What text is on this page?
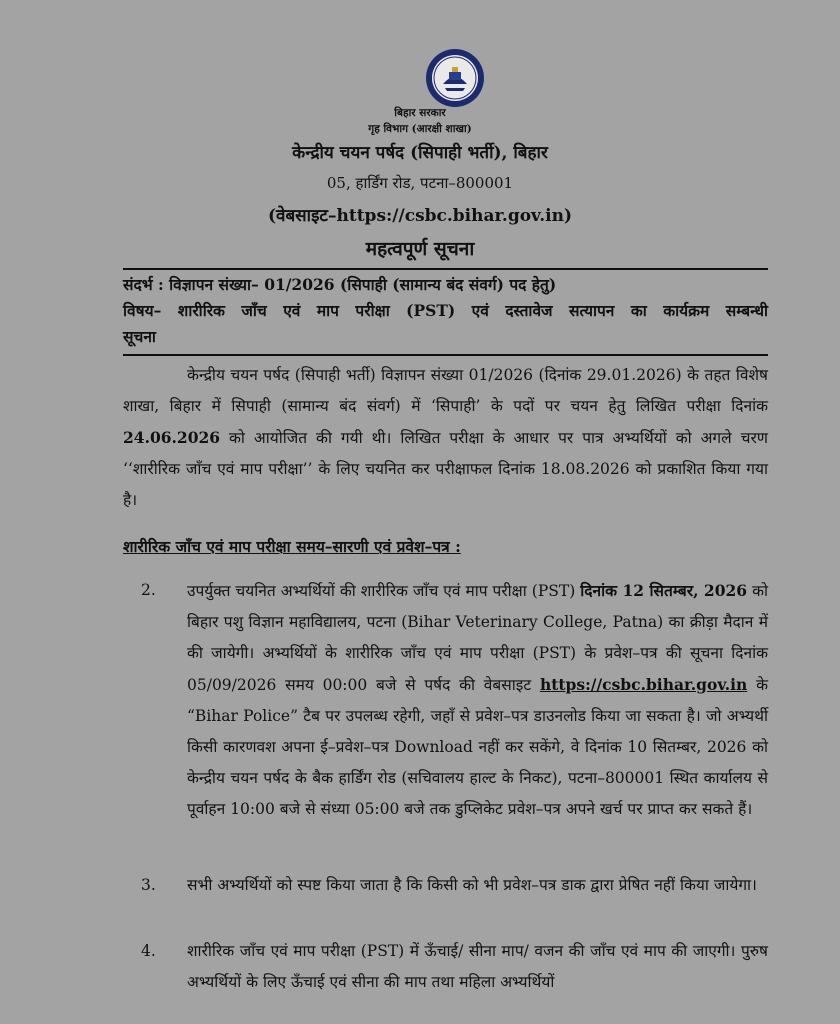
बिहार सरकार
गृह विभाग (आरक्षी शाखा)
केन्द्रीय चयन पर्षद (सिपाही भर्ती), बिहार
05, हार्डिंग रोड, पटना–800001
(वेबसाइट–https://csbc.bihar.gov.in)
महत्वपूर्ण सूचना
संदर्भ : विज्ञापन संख्या– 01/2026 (सिपाही (सामान्य बंद संवर्ग) पद हेतु)
विषय– शारीरिक जाँच एवं माप परीक्षा (PST) एवं दस्तावेज सत्यापन का कार्यक्रम सम्बन्धी
सूचना
केन्द्रीय चयन पर्षद (सिपाही भर्ती) विज्ञापन संख्या 01/2026 (दिनांक 29.01.2026) के तहत विशेष शाखा, बिहार में सिपाही (सामान्य बंद संवर्ग) में ‘सिपाही’ के पदों पर चयन हेतु लिखित परीक्षा दिनांक 24.06.2026 को आयोजित की गयी थी। लिखित परीक्षा के आधार पर पात्र अभ्यर्थियों को अगले चरण ‘‘शारीरिक जाँच एवं माप परीक्षा’’ के लिए चयनित कर परीक्षाफल दिनांक 18.08.2026 को प्रकाशित किया गया है।
शारीरिक जाँच एवं माप परीक्षा समय–सारणी एवं प्रवेश–पत्र :
2. उपर्युक्त चयनित अभ्यर्थियों की शारीरिक जाँच एवं माप परीक्षा (PST) दिनांक 12 सितम्बर, 2026 को बिहार पशु विज्ञान महाविद्यालय, पटना (Bihar Veterinary College, Patna) का क्रीड़ा मैदान में की जायेगी। अभ्यर्थियों के शारीरिक जाँच एवं माप परीक्षा (PST) के प्रवेश–पत्र की सूचना दिनांक 05/09/2026 समय 00:00 बजे से पर्षद की वेबसाइट https://csbc.bihar.gov.in के “Bihar Police” टैब पर उपलब्ध रहेगी, जहाँ से प्रवेश–पत्र डाउनलोड किया जा सकता है। जो अभ्यर्थी किसी कारणवश अपना ई–प्रवेश–पत्र Download नहीं कर सकेंगे, वे दिनांक 10 सितम्बर, 2026 को केन्द्रीय चयन पर्षद के बैक हार्डिंग रोड (सचिवालय हाल्ट के निकट), पटना–800001 स्थित कार्यालय से पूर्वाहन 10:00 बजे से संध्या 05:00 बजे तक डुप्लिकेट प्रवेश–पत्र अपने खर्च पर प्राप्त कर सकते हैं।
3. सभी अभ्यर्थियों को स्पष्ट किया जाता है कि किसी को भी प्रवेश–पत्र डाक द्वारा प्रेषित नहीं किया जायेगा।
4. शारीरिक जाँच एवं माप परीक्षा (PST) में ऊँचाई/ सीना माप/ वजन की जाँच एवं माप की जाएगी। पुरुष अभ्यर्थियों के लिए ऊँचाई एवं सीना की माप तथा महिला अभ्यर्थियों
